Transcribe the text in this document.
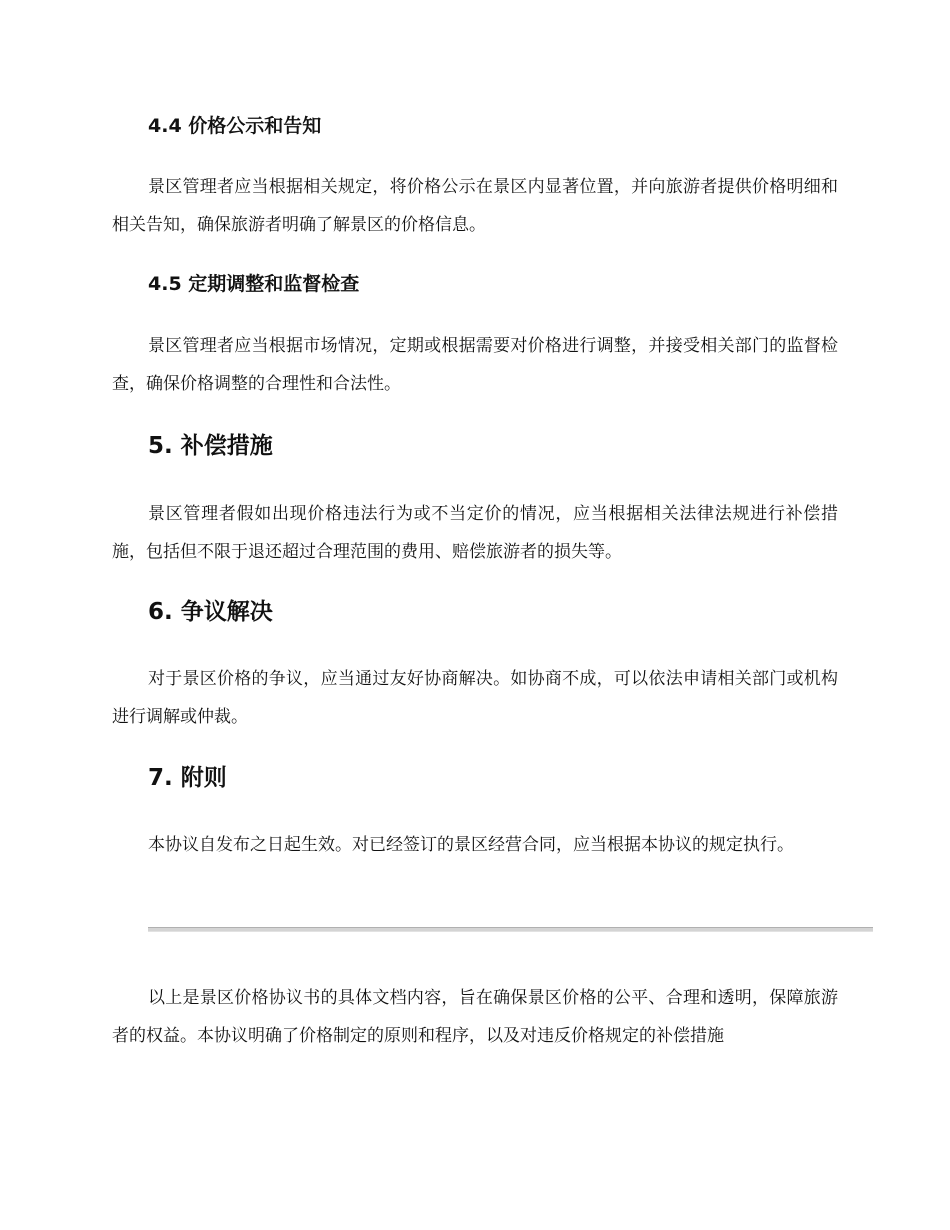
4.4 价格公示和告知

景区管理者应当根据相关规定，将价格公示在景区内显著位置，并向旅游者提供价格明细和相关告知，确保旅游者明确了解景区的价格信息。

4.5 定期调整和监督检查

景区管理者应当根据市场情况，定期或根据需要对价格进行调整，并接受相关部门的监督检查，确保价格调整的合理性和合法性。

5. 补偿措施

景区管理者假如出现价格违法行为或不当定价的情况，应当根据相关法律法规进行补偿措施，包括但不限于退还超过合理范围的费用、赔偿旅游者的损失等。

6. 争议解决

对于景区价格的争议，应当通过友好协商解决。如协商不成，可以依法申请相关部门或机构进行调解或仲裁。

7. 附则

本协议自发布之日起生效。对已经签订的景区经营合同，应当根据本协议的规定执行。

以上是景区价格协议书的具体文档内容，旨在确保景区价格的公平、合理和透明，保障旅游者的权益。本协议明确了价格制定的原则和程序，以及对违反价格规定的补偿措施
